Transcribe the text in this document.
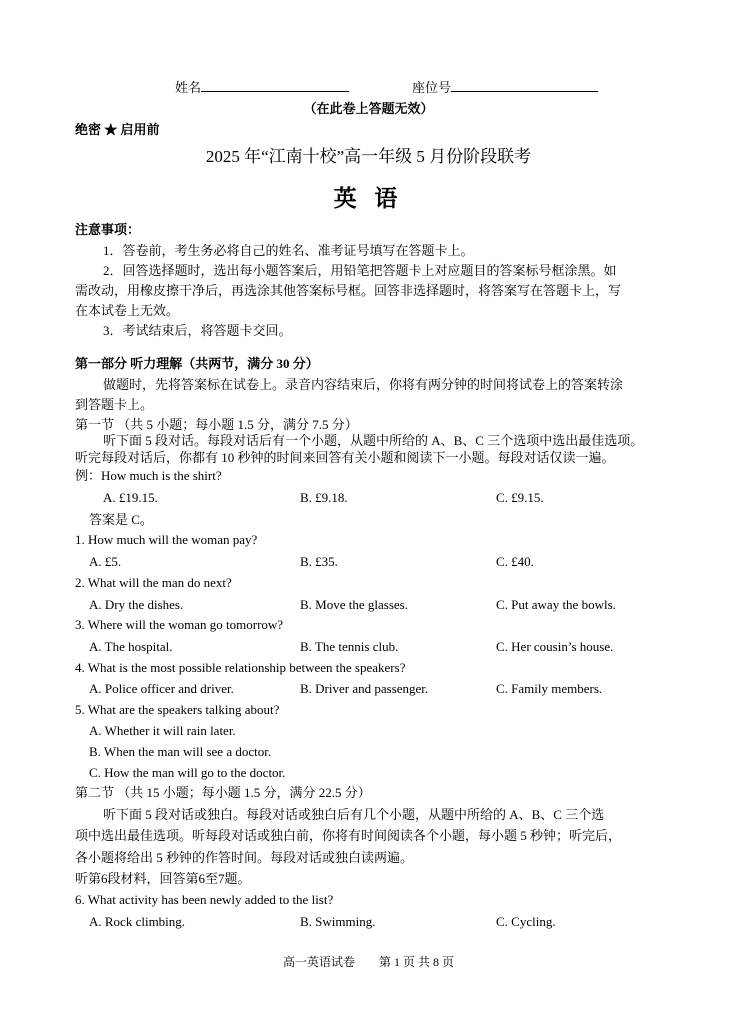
姓名	座位号
（在此卷上答题无效）
绝密 ★ 启用前
2025 年“江南十校”高一年级 5 月份阶段联考
英 语
注意事项：
1．答卷前，考生务必将自己的姓名、准考证号填写在答题卡上。
2．回答选择题时，选出每小题答案后，用铅笔把答题卡上对应题目的答案标号框涂黑。如
需改动，用橡皮擦干净后，再选涂其他答案标号框。回答非选择题时，将答案写在答题卡上，写
在本试卷上无效。
3．考试结束后，将答题卡交回。
第一部分 听力理解（共两节，满分 30 分）
做题时，先将答案标在试卷上。录音内容结束后，你将有两分钟的时间将试卷上的答案转涂
到答题卡上。
第一节 （共 5 小题；每小题 1.5 分，满分 7.5 分）
听下面 5 段对话。每段对话后有一个小题，从题中所给的 A、B、C 三个选项中选出最佳选项。
听完每段对话后，你都有 10 秒钟的时间来回答有关小题和阅读下一小题。每段对话仅读一遍。
例：How much is the shirt?
A. £19.15.	B. £9.18.	C. £9.15.
答案是 C。
1. How much will the woman pay?
A. £5.	B. £35.	C. £40.
2. What will the man do next?
A. Dry the dishes.	B. Move the glasses.	C. Put away the bowls.
3. Where will the woman go tomorrow?
A. The hospital.	B. The tennis club.	C. Her cousin’s house.
4. What is the most possible relationship between the speakers?
A. Police officer and driver.	B. Driver and passenger.	C. Family members.
5. What are the speakers talking about?
A. Whether it will rain later.
B. When the man will see a doctor.
C. How the man will go to the doctor.
第二节 （共 15 小题；每小题 1.5 分，满分 22.5 分）
听下面 5 段对话或独白。每段对话或独白后有几个小题，从题中所给的 A、B、C 三个选
项中选出最佳选项。听每段对话或独白前，你将有时间阅读各个小题，每小题 5 秒钟；听完后，
各小题将给出 5 秒钟的作答时间。每段对话或独白读两遍。
听第6段材料，回答第6至7题。
6. What activity has been newly added to the list?
A. Rock climbing.	B. Swimming.	C. Cycling.
高一英语试卷　　第 1 页 共 8 页
